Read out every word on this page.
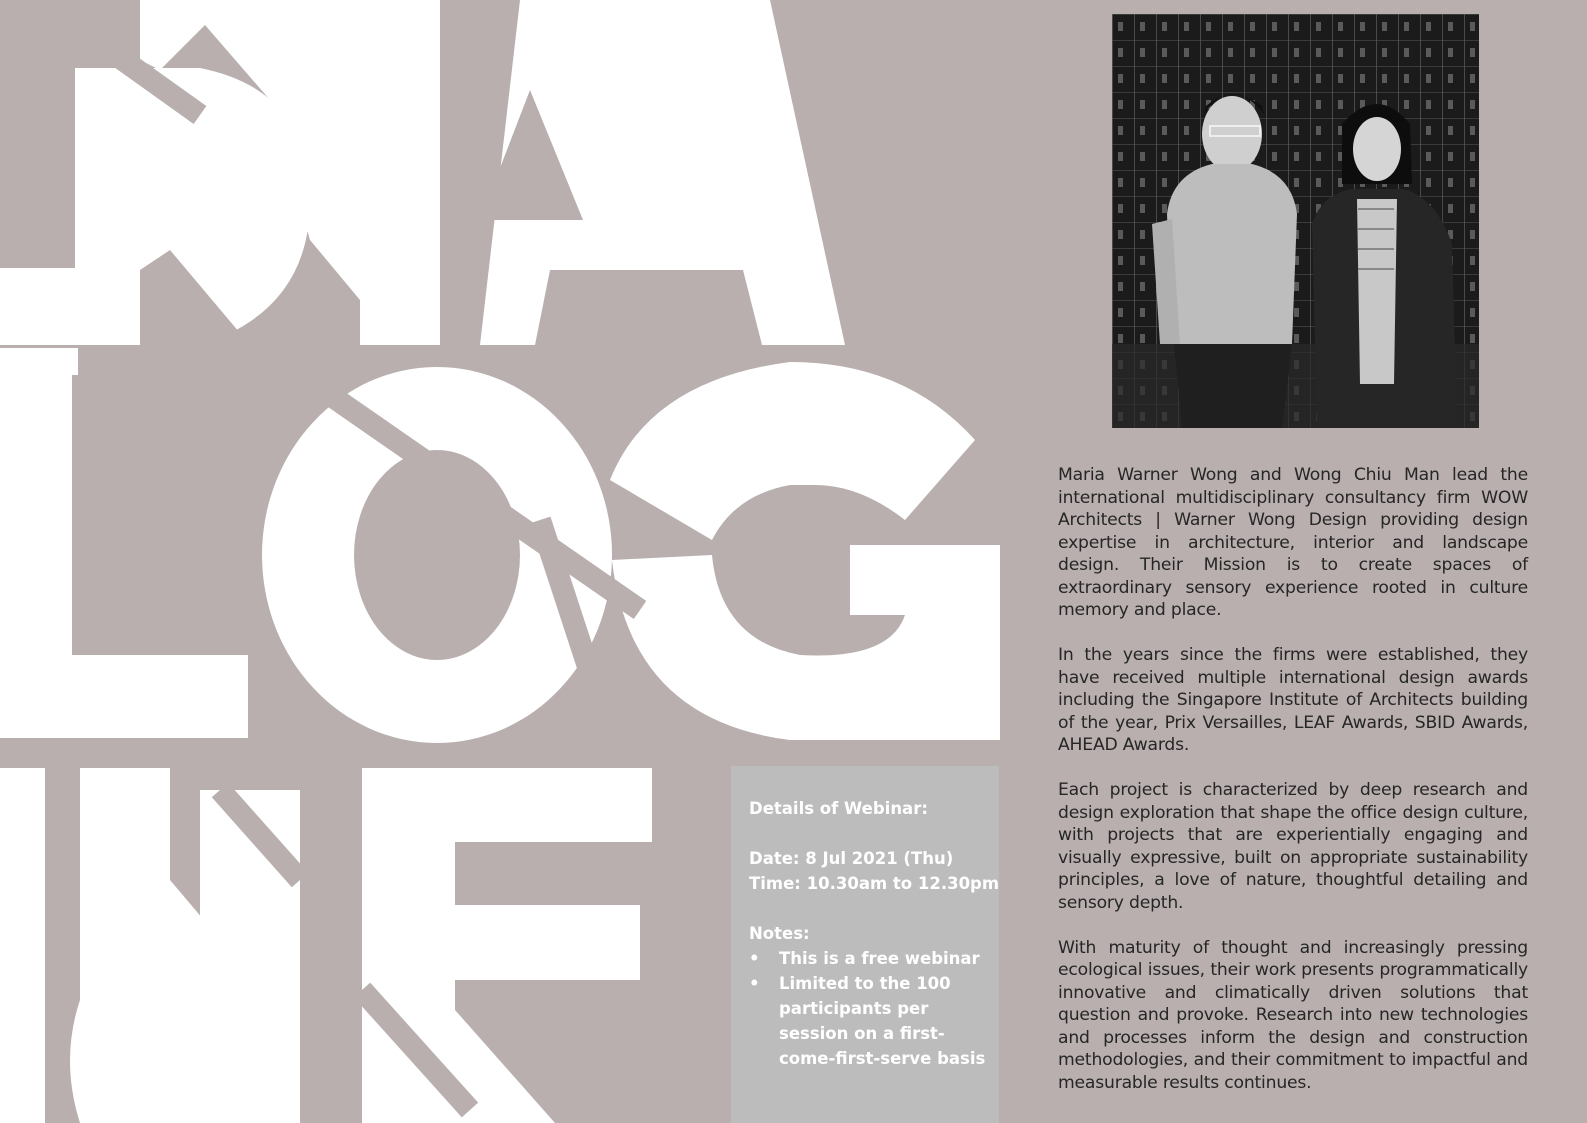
Details of Webinar:
Date: 8 Jul 2021 (Thu)
Time: 10.30am to 12.30pm
Notes:
• This is a free webinar
• Limited to the 100 participants per session on a first-come-first-serve basis

Maria Warner Wong and Wong Chiu Man lead the international multidisciplinary consultancy firm WOW Architects | Warner Wong Design providing design expertise in architecture, interior and landscape design. Their Mission is to create spaces of extraordinary sensory experience rooted in culture memory and place.

In the years since the firms were established, they have received multiple international design awards including the Singapore Institute of Architects building of the year, Prix Versailles, LEAF Awards, SBID Awards, AHEAD Awards.

Each project is characterized by deep research and design exploration that shape the office design culture, with projects that are experientially engaging and visually expressive, built on appropriate sustainability principles, a love of nature, thoughtful detailing and sensory depth.

With maturity of thought and increasingly pressing ecological issues, their work presents programmatically innovative and climatically driven solutions that question and provoke. Research into new technologies and processes inform the design and construction methodologies, and their commitment to impactful and measurable results continues.
